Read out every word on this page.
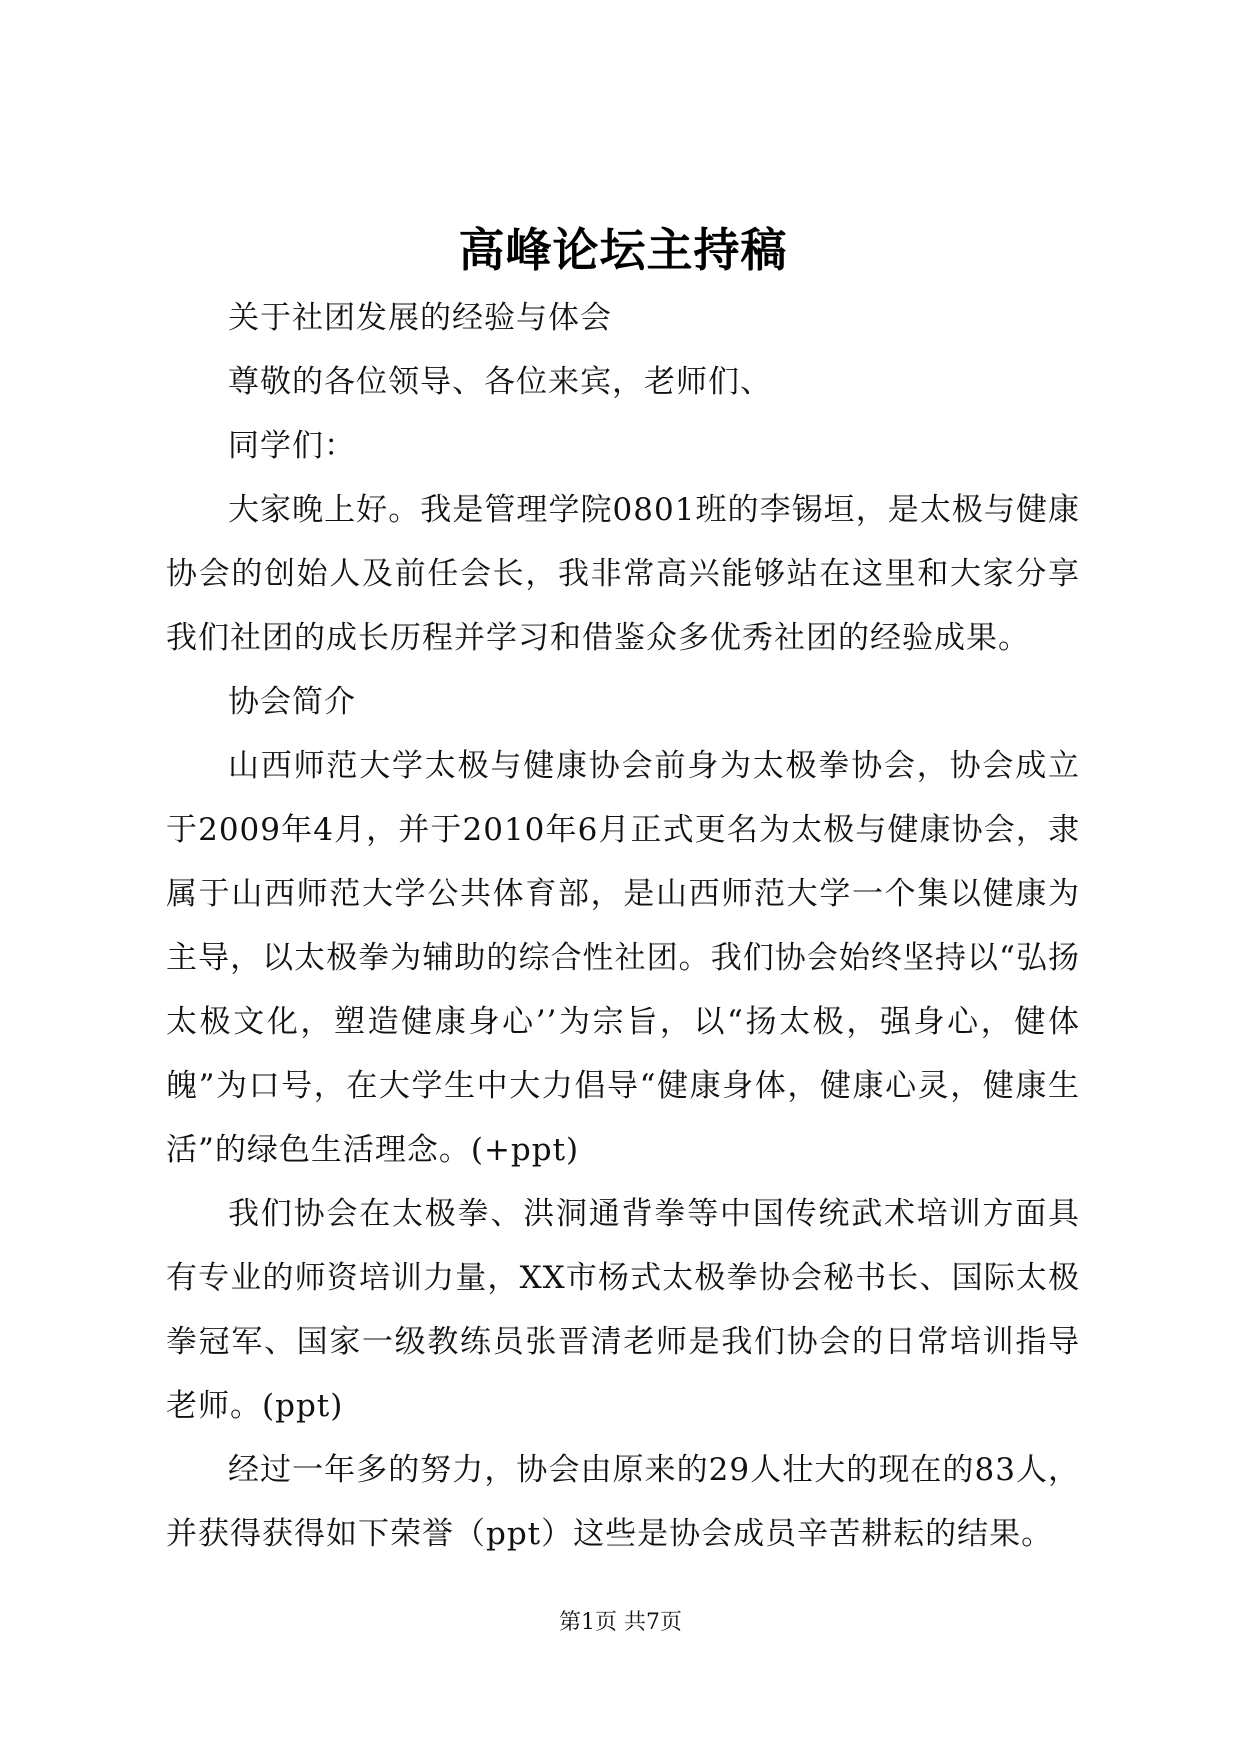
高峰论坛主持稿

关于社团发展的经验与体会

尊敬的各位领导、各位来宾，老师们、

同学们：

大家晚上好。我是管理学院0801班的李锡垣，是太极与健康协会的创始人及前任会长，我非常高兴能够站在这里和大家分享我们社团的成长历程并学习和借鉴众多优秀社团的经验成果。

协会简介

山西师范大学太极与健康协会前身为太极拳协会，协会成立于2009年4月，并于2010年6月正式更名为太极与健康协会，隶属于山西师范大学公共体育部，是山西师范大学一个集以健康为主导，以太极拳为辅助的综合性社团。我们协会始终坚持以“弘扬太极文化，塑造健康身心’’为宗旨，以“扬太极，强身心，健体魄”为口号，在大学生中大力倡导“健康身体，健康心灵，健康生活”的绿色生活理念。(+ppt)

我们协会在太极拳、洪洞通背拳等中国传统武术培训方面具有专业的师资培训力量，XX市杨式太极拳协会秘书长、国际太极拳冠军、国家一级教练员张晋清老师是我们协会的日常培训指导老师。(ppt)

经过一年多的努力，协会由原来的29人壮大的现在的83人，并获得获得如下荣誉（ppt）这些是协会成员辛苦耕耘的结果。

第1页 共7页
